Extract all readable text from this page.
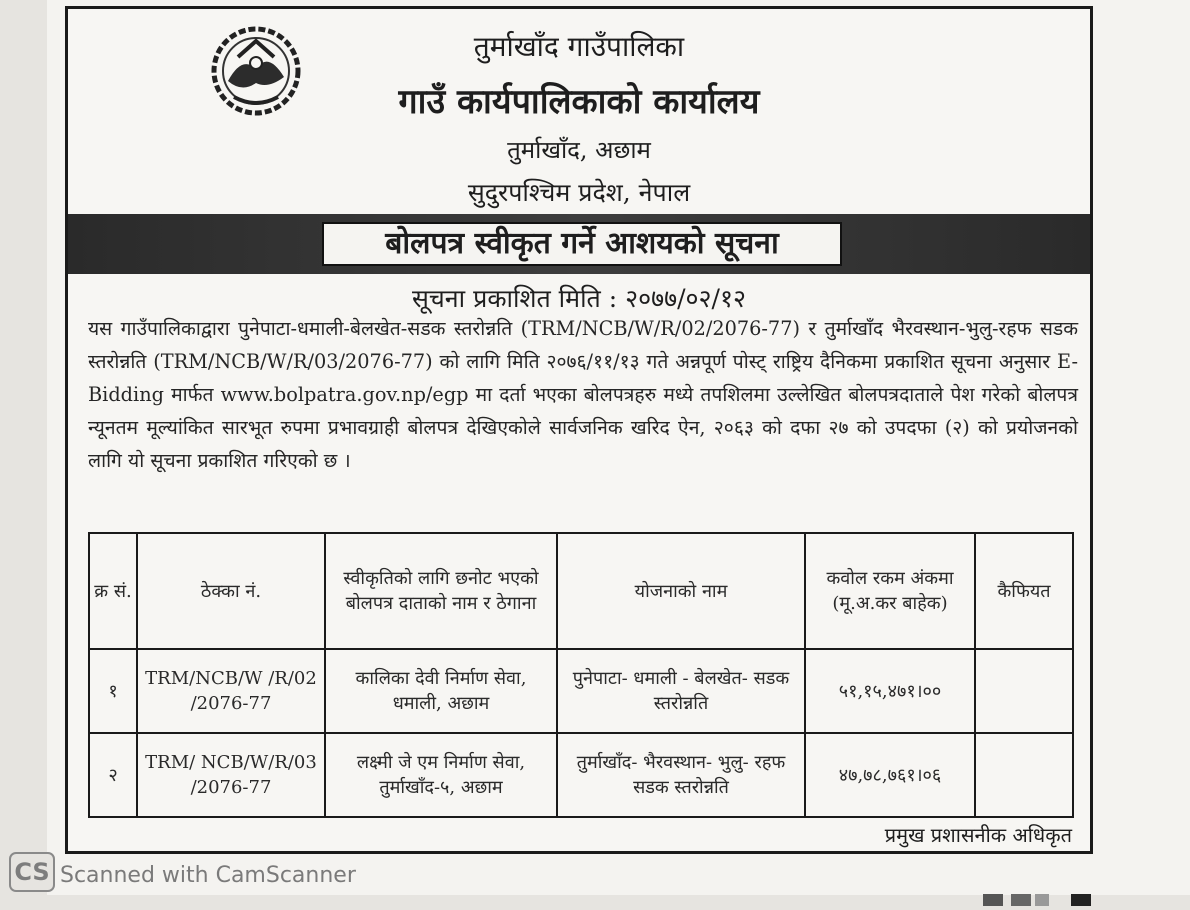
तुर्माखाँद गाउँपालिका
गाउँ कार्यपालिकाको कार्यालय
तुर्माखाँद, अछाम
सुदुरपश्चिम प्रदेश, नेपाल
बोलपत्र स्वीकृत गर्ने आशयको सूचना
सूचना प्रकाशित मिति : २०७७/०२/१२
यस गाउँपालिकाद्वारा पुनेपाटा-धमाली-बेलखेत-सडक स्तरोन्नति (TRM/NCB/W/R/02/2076-77) र तुर्माखाँद भैरवस्थान-भुलु-रहफ सडक स्तरोन्नति (TRM/NCB/W/R/03/2076-77) को लागि मिति २०७६/११/१३ गते अन्नपूर्ण पोस्ट् राष्ट्रिय दैनिकमा प्रकाशित सूचना अनुसार E-Bidding मार्फत www.bolpatra.gov.np/egp मा दर्ता भएका बोलपत्रहरु मध्ये तपशिलमा उल्लेखित बोलपत्रदाताले पेश गरेको बोलपत्र न्यूनतम मूल्यांकित सारभूत रुपमा प्रभावग्राही बोलपत्र देखिएकोले सार्वजनिक खरिद ऐन, २०६३ को दफा २७ को उपदफा (२) को प्रयोजनको लागि यो सूचना प्रकाशित गरिएको छ ।
क्र सं.	ठेक्का नं.	स्वीकृतिको लागि छनोट भएको बोलपत्र दाताको नाम र ठेगाना	योजनाको नाम	कवोल रकम अंकमा (मू.अ.कर बाहेक)	कैफियत
१	TRM/NCB/W /R/02 /2076-77	कालिका देवी निर्माण सेवा, धमाली, अछाम	पुनेपाटा- धमाली - बेलखेत- सडक स्तरोन्नति	५१,१५,४७१।००	
२	TRM/ NCB/W/R/03 /2076-77	लक्ष्मी जे एम निर्माण सेवा, तुर्माखाँद-५, अछाम	तुर्माखाँद- भैरवस्थान- भुलु- रहफ सडक स्तरोन्नति	४७,७८,७६१।०६	
प्रमुख प्रशासनीक अधिकृत
CS Scanned with CamScanner
